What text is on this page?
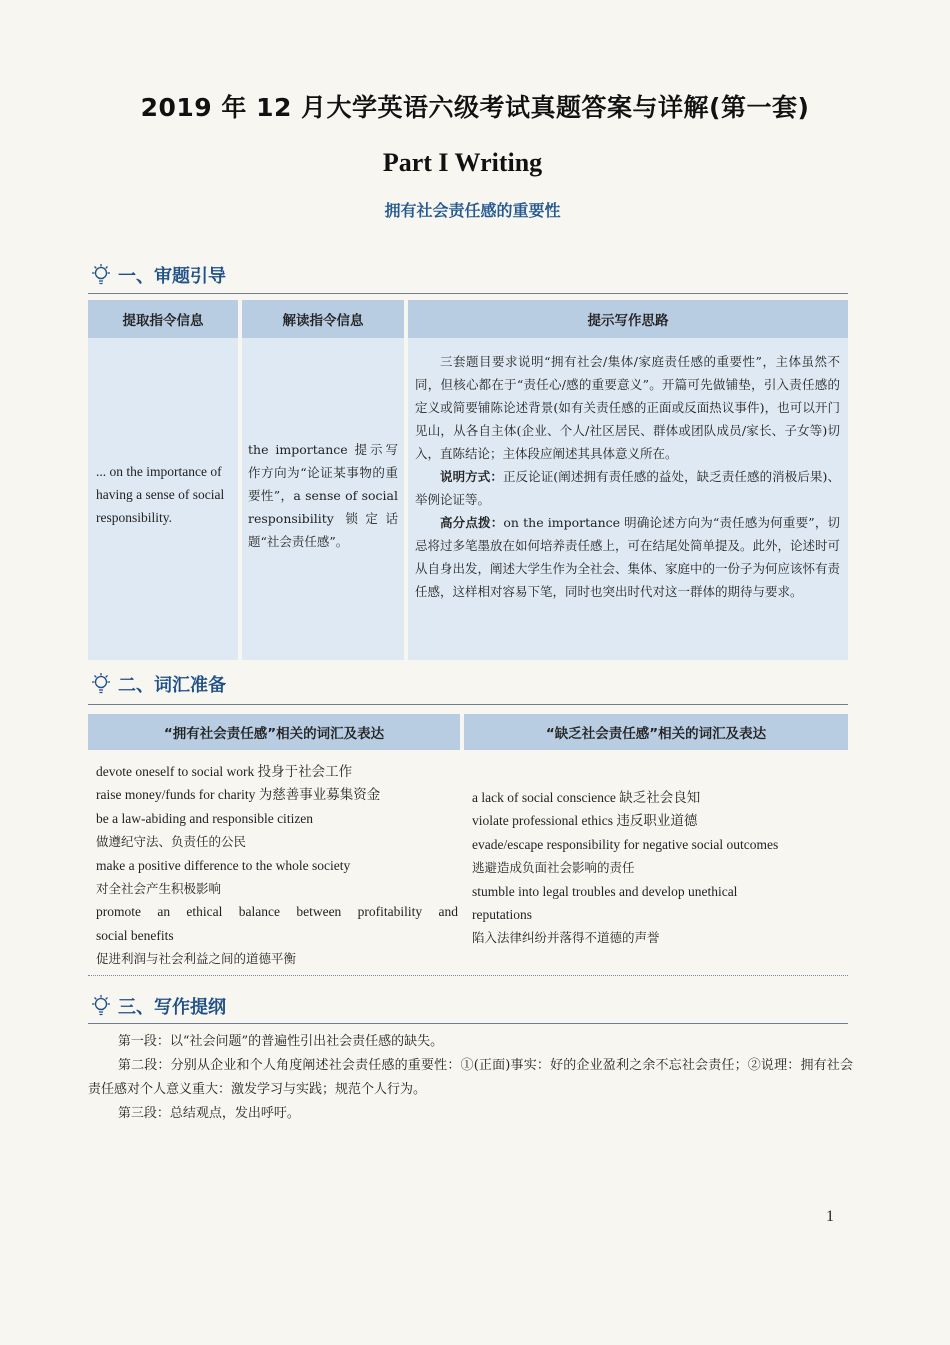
2019 年 12 月大学英语六级考试真题答案与详解(第一套)
Part I Writing
拥有社会责任感的重要性
一、审题引导
提取指令信息	解读指令信息	提示写作思路
... on the importance of having a sense of social responsibility.
the importance 提示写作方向为“论证某事物的重要性”，a sense of social responsibility 锁定话题“社会责任感”。

三套题目要求说明“拥有社会/集体/家庭责任感的重要性”，主体虽然不同，但核心都在于“责任心/感的重要意义”。开篇可先做铺垫，引入责任感的定义或简要铺陈论述背景(如有关责任感的正面或反面热议事件)，也可以开门见山，从各自主体(企业、个人/社区居民、群体或团队成员/家长、子女等)切入，直陈结论；主体段应阐述其具体意义所在。

说明方式：正反论证(阐述拥有责任感的益处，缺乏责任感的消极后果)、举例论证等。

高分点拨：on the importance 明确论述方向为“责任感为何重要”，切忌将过多笔墨放在如何培养责任感上，可在结尾处简单提及。此外，论述时可从自身出发，阐述大学生作为全社会、集体、家庭中的一份子为何应该怀有责任感，这样相对容易下笔，同时也突出时代对这一群体的期待与要求。

二、词汇准备
“拥有社会责任感”相关的词汇及表达	“缺乏社会责任感”相关的词汇及表达
devote oneself to social work 投身于社会工作
raise money/funds for charity 为慈善事业募集资金
be a law-abiding and responsible citizen
做遵纪守法、负责任的公民
make a positive difference to the whole society
对全社会产生积极影响
promote an ethical balance between profitability and
social benefits
促进利润与社会利益之间的道德平衡
a lack of social conscience 缺乏社会良知
violate professional ethics 违反职业道德
evade/escape responsibility for negative social outcomes
逃避造成负面社会影响的责任
stumble into legal troubles and develop unethical
reputations
陷入法律纠纷并落得不道德的声誉
三、写作提纲

第一段：以“社会问题”的普遍性引出社会责任感的缺失。

第二段：分别从企业和个人角度阐述社会责任感的重要性：①(正面)事实：好的企业盈利之余不忘社会责任；②说理：拥有社会责任感对个人意义重大：激发学习与实践；规范个人行为。

第三段：总结观点，发出呼吁。

1
